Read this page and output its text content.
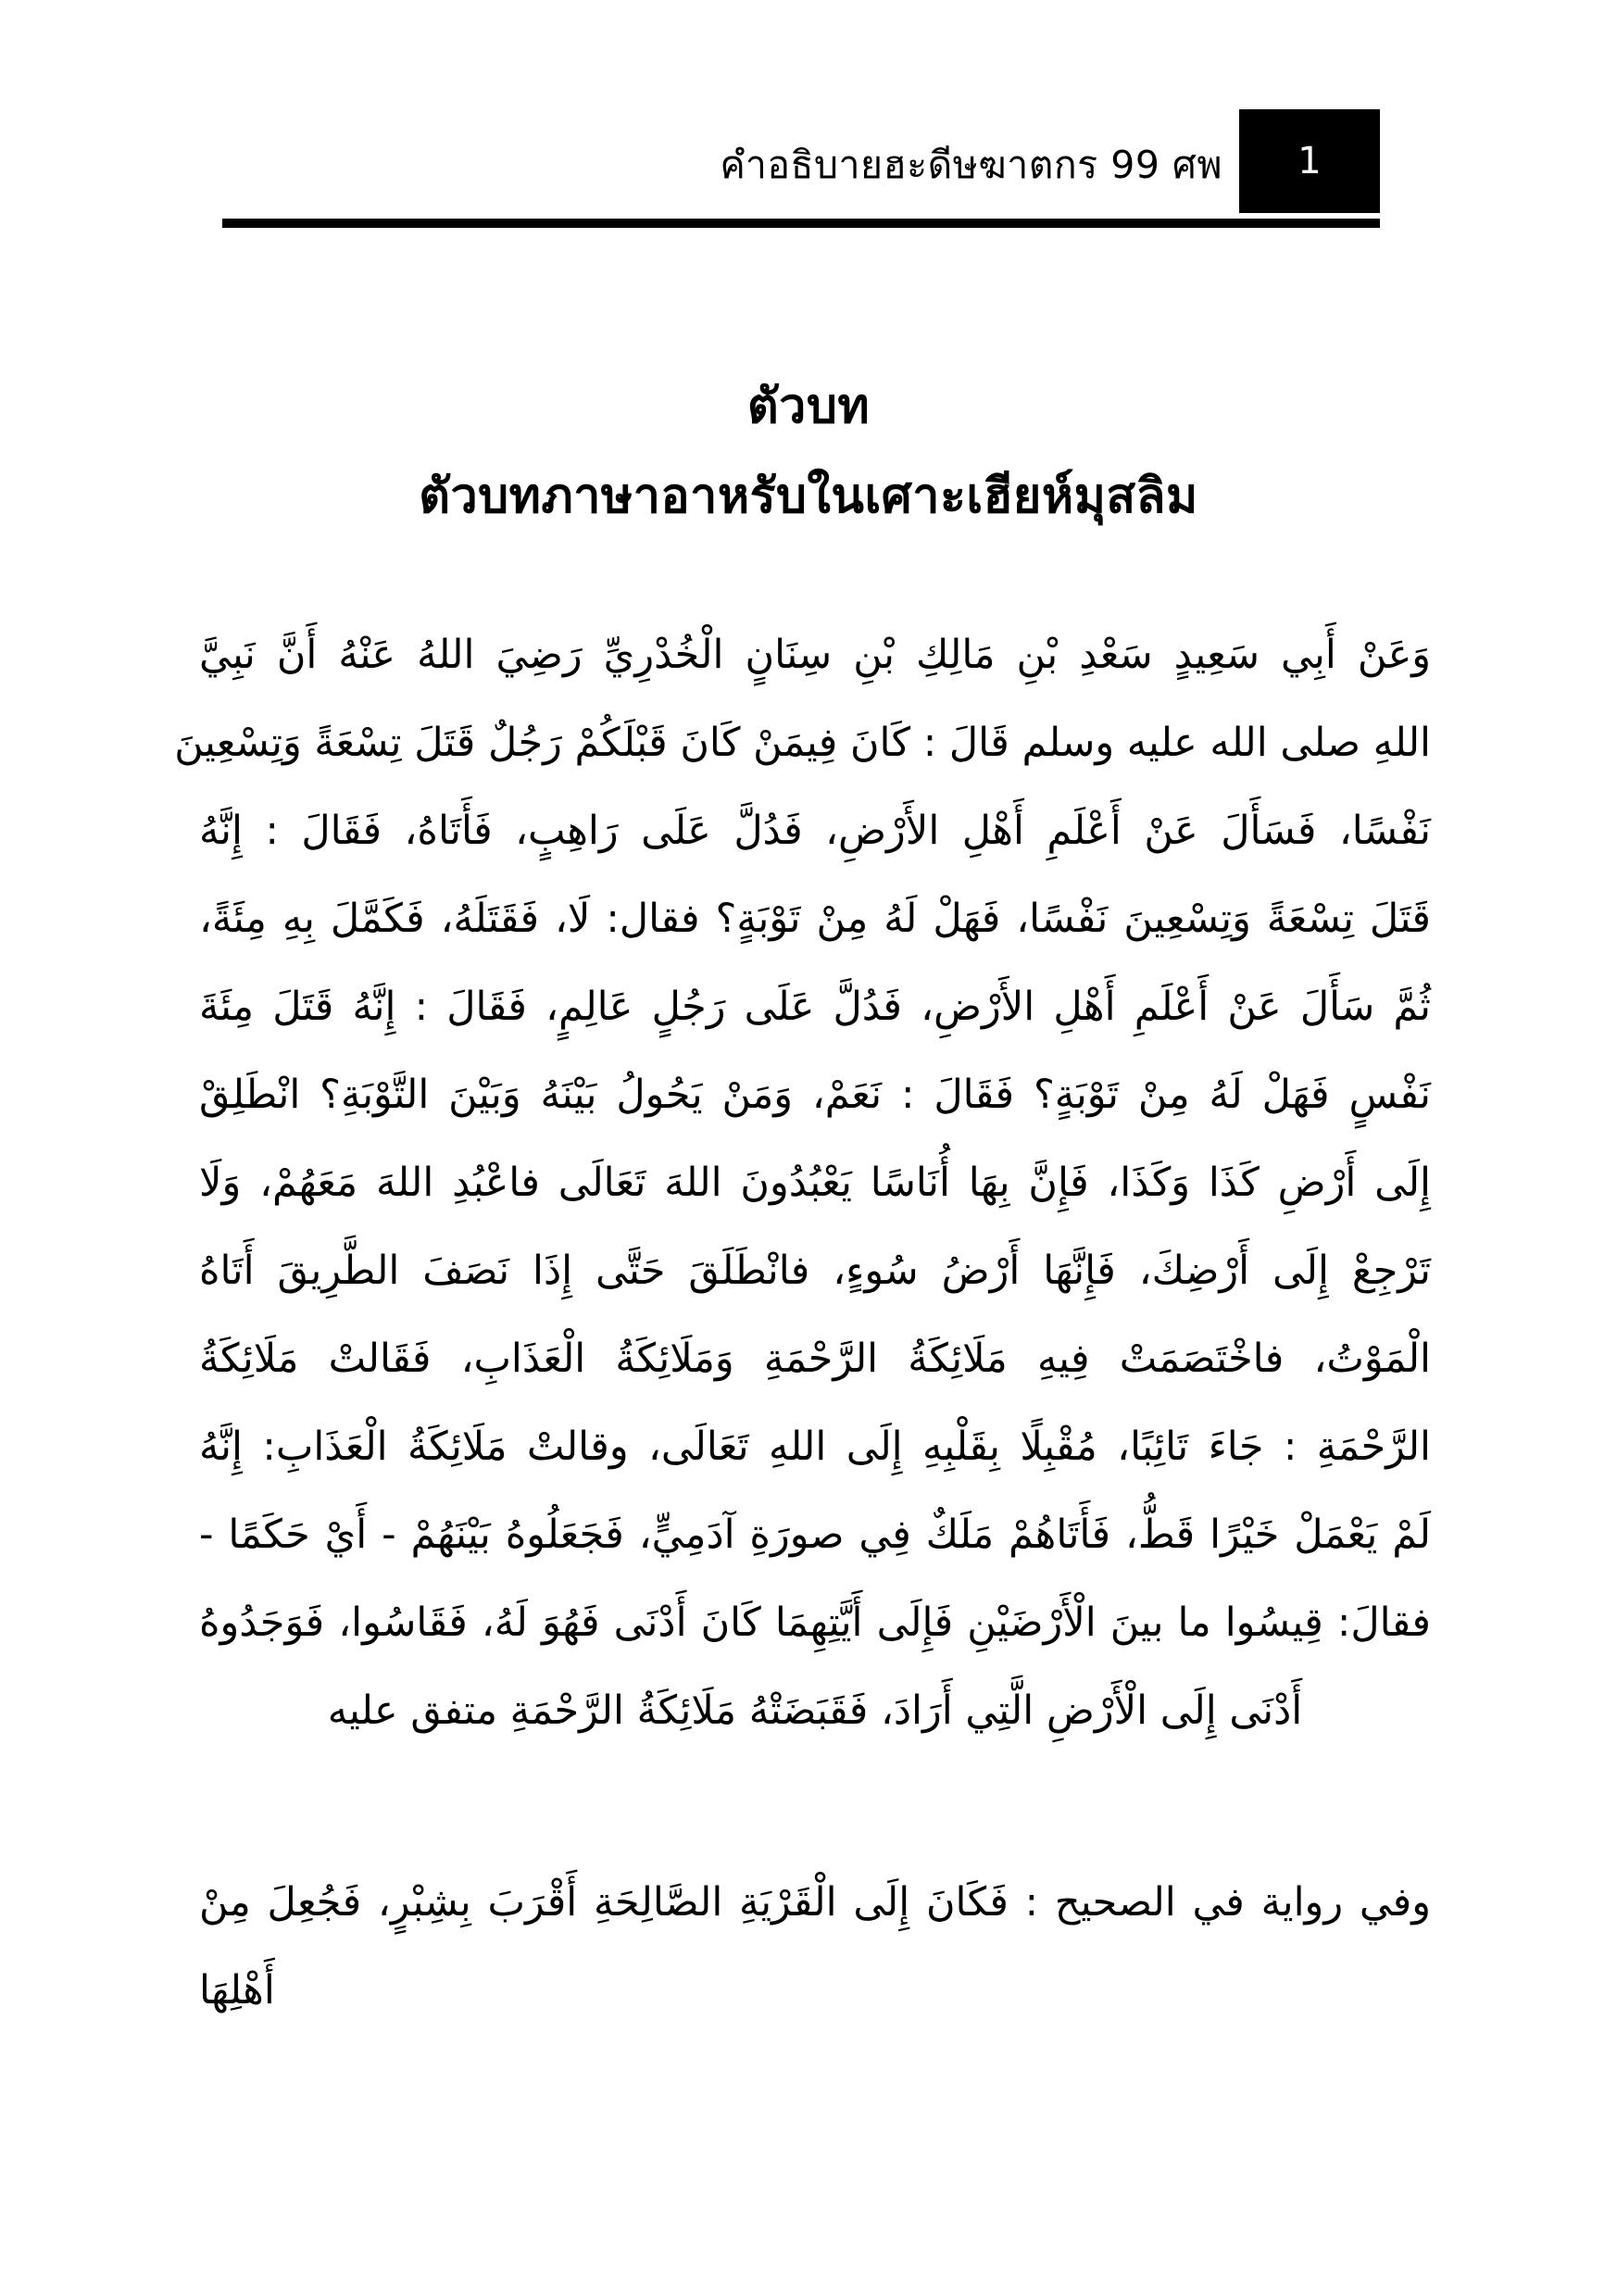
คำอธิบายฮะดีษฆาตกร 99 ศพ	1
ตัวบท
ตัวบทภาษาอาหรับในเศาะเฮียห์มุสลิม
وَعَنْ أَبِي سَعِيدٍ سَعْدِ بْنِ مَالِكِ بْنِ سِنَانٍ الْخُدْرِيِّ رَضِيَ اللهُ عَنْهُ أَنَّ نَبِيَّ
اللهِ صلى الله عليه وسلم قَالَ : كَانَ فِيمَنْ كَانَ قَبْلَكُمْ رَجُلٌ قَتَلَ تِسْعَةً وَتِسْعِينَ
نَفْسًا، فَسَأَلَ عَنْ أَعْلَمِ أَهْلِ الأَرْضِ، فَدُلَّ عَلَى رَاهِبٍ، فَأَتَاهُ، فَقَالَ : إِنَّهُ
قَتَلَ تِسْعَةً وَتِسْعِينَ نَفْسًا، فَهَلْ لَهُ مِنْ تَوْبَةٍ؟ فقال: لَا، فَقَتَلَهُ، فَكَمَّلَ بِهِ مِئَةً،
ثُمَّ سَأَلَ عَنْ أَعْلَمِ أَهْلِ الأَرْضِ، فَدُلَّ عَلَى رَجُلٍ عَالِمٍ، فَقَالَ : إِنَّهُ قَتَلَ مِئَةَ
نَفْسٍ فَهَلْ لَهُ مِنْ تَوْبَةٍ؟ فَقَالَ : نَعَمْ، وَمَنْ يَحُولُ بَيْنَهُ وَبَيْنَ التَّوْبَةِ؟ انْطَلِقْ
إِلَى أَرْضِ كَذَا وَكَذَا، فَإِنَّ بِهَا أُنَاسًا يَعْبُدُونَ اللهَ تَعَالَى فاعْبُدِ اللهَ مَعَهُمْ، وَلَا
تَرْجِعْ إِلَى أَرْضِكَ، فَإِنَّهَا أَرْضُ سُوءٍ، فانْطَلَقَ حَتَّى إِذَا نَصَفَ الطَّرِيقَ أَتَاهُ
الْمَوْتُ، فاخْتَصَمَتْ فِيهِ مَلَائِكَةُ الرَّحْمَةِ وَمَلَائِكَةُ الْعَذَابِ، فَقَالتْ مَلَائِكَةُ
الرَّحْمَةِ : جَاءَ تَائِبًا، مُقْبِلًا بِقَلْبِهِ إِلَى اللهِ تَعَالَى، وقالتْ مَلَائِكَةُ الْعَذَابِ: إِنَّهُ
لَمْ يَعْمَلْ خَيْرًا قَطُّ، فَأَتَاهُمْ مَلَكٌ فِي صورَةِ آدَمِيٍّ، فَجَعَلُوهُ بَيْنَهُمْ - أَيْ حَكَمًا -
فقالَ: قِيسُوا ما بينَ الْأَرْضَيْنِ فَإِلَى أَيَّتِهِمَا كَانَ أَدْنَى فَهُوَ لَهُ، فَقَاسُوا، فَوَجَدُوهُ
أَدْنَى إِلَى الْأَرْضِ الَّتِي أَرَادَ، فَقَبَضَتْهُ مَلَائِكَةُ الرَّحْمَةِ متفق عليه
وفي رواية في الصحيح : فَكَانَ إِلَى الْقَرْيَةِ الصَّالِحَةِ أَقْرَبَ بِشِبْرٍ، فَجُعِلَ مِنْ
أَهْلِهَا
